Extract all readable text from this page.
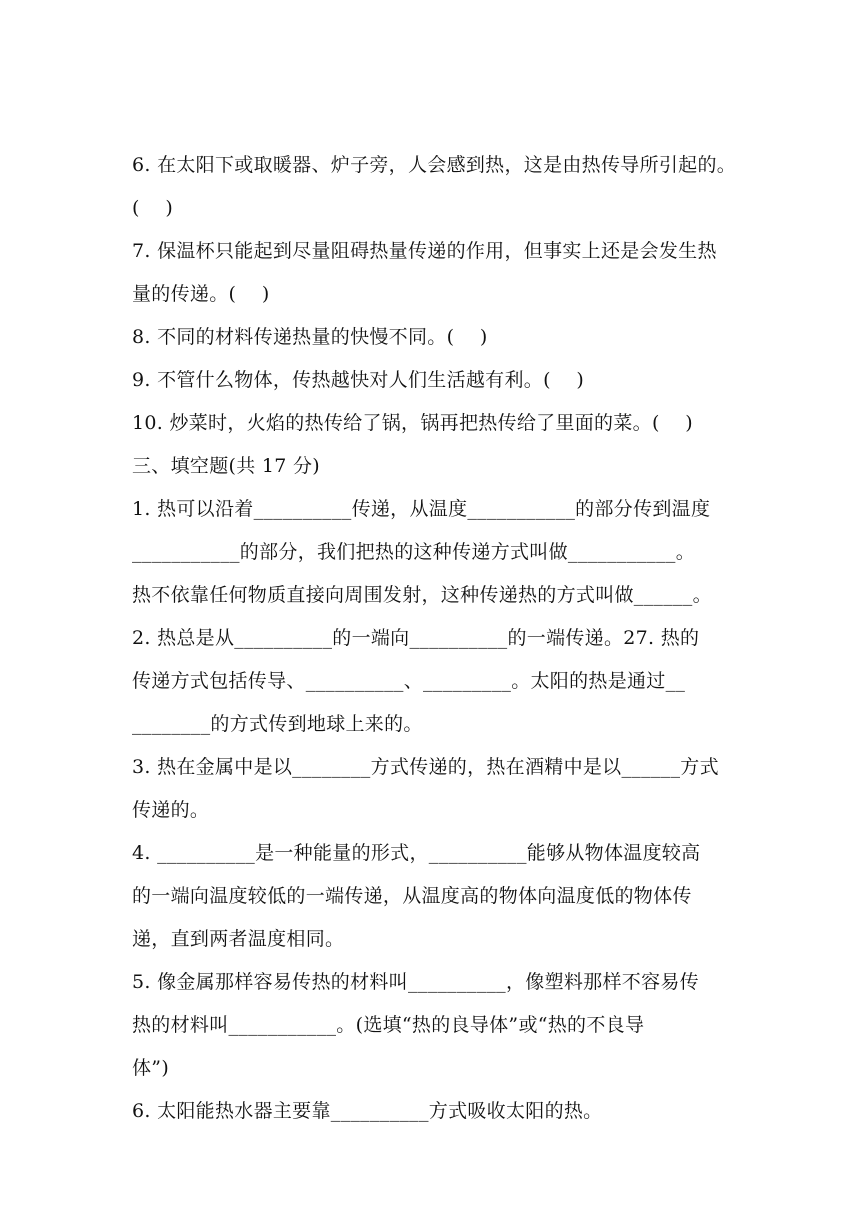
6. 在太阳下或取暖器、炉子旁，人会感到热，这是由热传导所引起的。
(　 )
7. 保温杯只能起到尽量阻碍热量传递的作用，但事实上还是会发生热
量的传递。(　 )
8. 不同的材料传递热量的快慢不同。(　 )
9. 不管什么物体，传热越快对人们生活越有利。(　 )
10. 炒菜时，火焰的热传给了锅，锅再把热传给了里面的菜。(　 )
三、填空题(共 17 分)
1. 热可以沿着__________传递，从温度___________的部分传到温度
___________的部分，我们把热的这种传递方式叫做___________。
热不依靠任何物质直接向周围发射，这种传递热的方式叫做______。
2. 热总是从__________的一端向__________的一端传递。27. 热的
传递方式包括传导、__________、_________。太阳的热是通过__
________的方式传到地球上来的。
3. 热在金属中是以________方式传递的，热在酒精中是以______方式
传递的。
4. __________是一种能量的形式，__________能够从物体温度较高
的一端向温度较低的一端传递，从温度高的物体向温度低的物体传
递，直到两者温度相同。
5. 像金属那样容易传热的材料叫__________，像塑料那样不容易传
热的材料叫___________。(选填“热的良导体”或“热的不良导
体”)
6. 太阳能热水器主要靠__________方式吸收太阳的热。
